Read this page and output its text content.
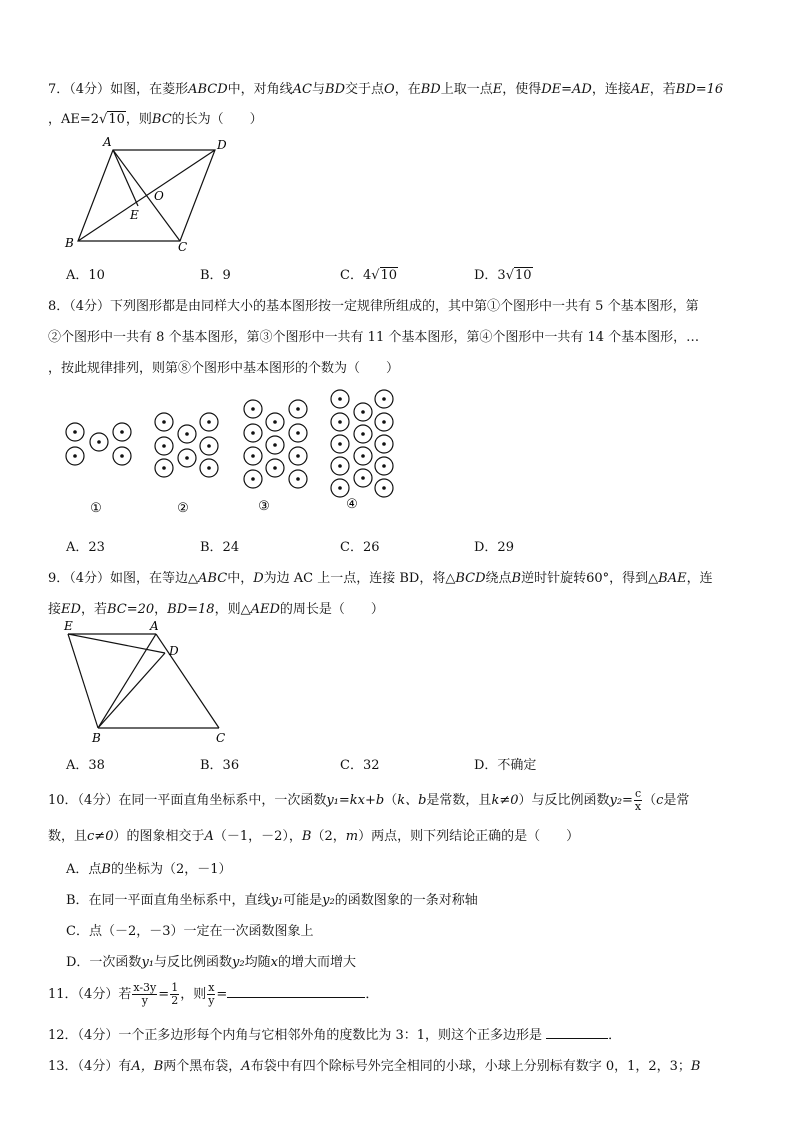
7．（4分）如图，在菱形ABCD中，对角线AC与BD交于点O，在BD上取一点E，使得DE=AD，连接AE，若BD=16
，AE=2√10，则BC的长为（　　）
A	D
O
E
B	C
A．10	B．9	C．4√10	D．3√10
8．（4分）下列图形都是由同样大小的基本图形按一定规律所组成的，其中第①个图形中一共有 5 个基本图形，第
②个图形中一共有 8 个基本图形，第③个图形中一共有 11 个基本图形，第④个图形中一共有 14 个基本图形，…
，按此规律排列，则第⑧个图形中基本图形的个数为（　　）
①	②	③	④
A．23	B．24	C．26	D．29
9．（4分）如图，在等边△ABC中，D为边 AC 上一点，连接 BD，将△BCD绕点B逆时针旋转60°，得到△BAE，连
接ED，若BC=20，BD=18，则△AED的周长是（　　）
E	A
D
B	C
A．38	B．36	C．32	D．不确定
10．（4分）在同一平面直角坐标系中，一次函数y₁=kx+b（k、b是常数，且k≠0）与反比例函数$y_2= \frac{c}{x} (c$是常
数，且c≠0）的图象相交于A（－1，－2），B（2，m）两点，则下列结论正确的是（　　）
A．点B的坐标为（2，－1）
B．在同一平面直角坐标系中，直线y₁可能是y₂的函数图象的一条对称轴
C．点（－2，－3）一定在一次函数图象上
D．一次函数y₁与反比例函数y₂均随x的增大而增大
11．（4分）若 $\frac{x-3y}{y} = \frac{1}{2}$ ，则 $\frac{x}{y}$ =	．
12．（4分）一个正多边形每个内角与它相邻外角的度数比为 3：1，则这个正多边形是	．
13．（4分）有A，B两个黑布袋，A布袋中有四个除标号外完全相同的小球，小球上分别标有数字 0，1，2，3；B
